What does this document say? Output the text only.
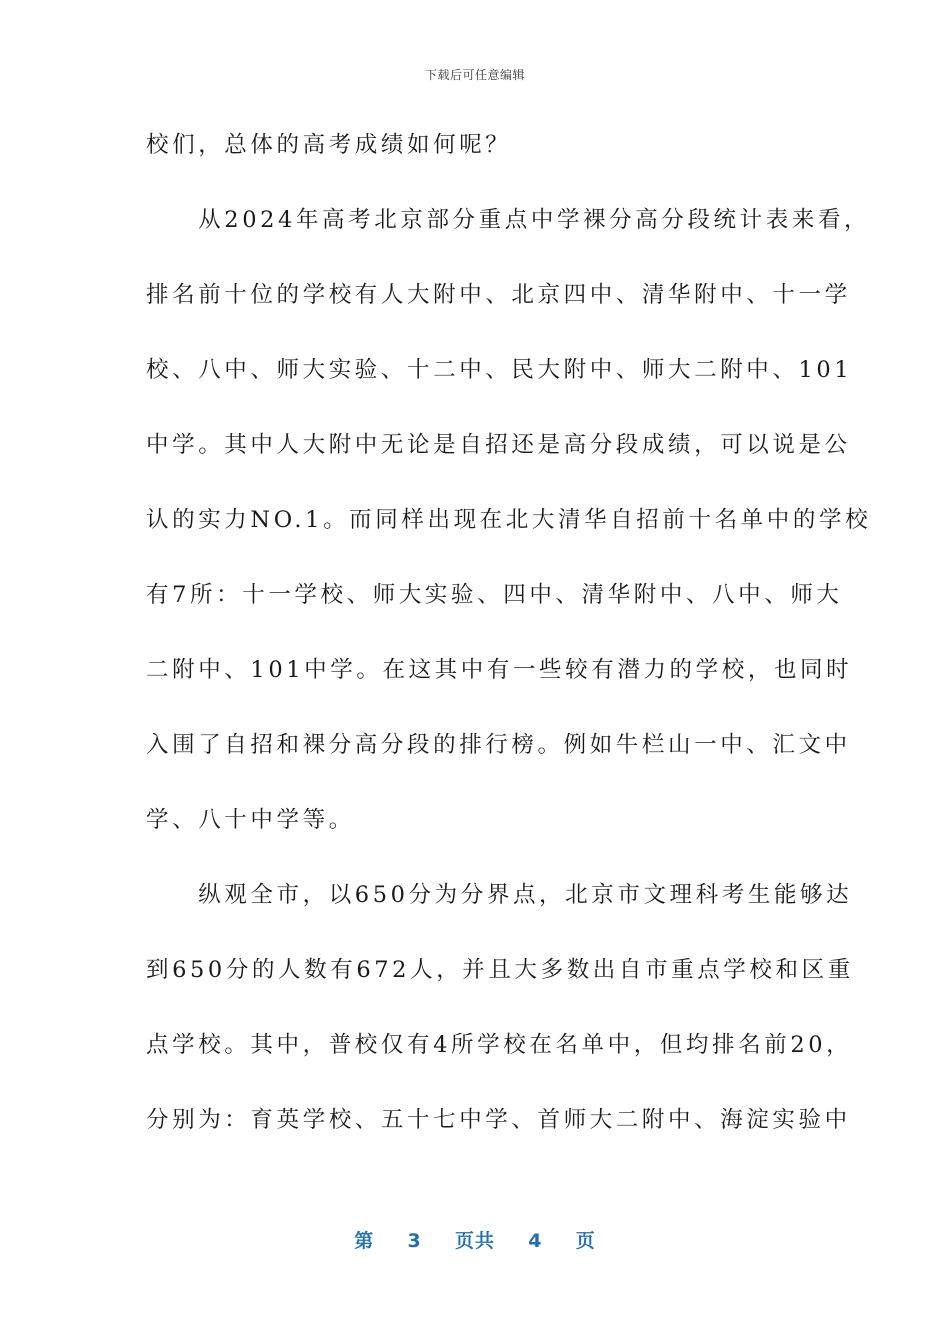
下载后可任意编辑
校们，总体的高考成绩如何呢？
　　从2024年高考北京部分重点中学裸分高分段统计表来看，
排名前十位的学校有人大附中、北京四中、清华附中、十一学
校、八中、师大实验、十二中、民大附中、师大二附中、101
中学。其中人大附中无论是自招还是高分段成绩，可以说是公
认的实力NO.1。而同样出现在北大清华自招前十名单中的学校
有7所：十一学校、师大实验、四中、清华附中、八中、师大
二附中、101中学。在这其中有一些较有潜力的学校，也同时
入围了自招和裸分高分段的排行榜。例如牛栏山一中、汇文中
学、八十中学等。
　　纵观全市，以650分为分界点，北京市文理科考生能够达
到650分的人数有672人，并且大多数出自市重点学校和区重
点学校。其中，普校仅有4所学校在名单中，但均排名前20，
分别为：育英学校、五十七中学、首师大二附中、海淀实验中
第 3 页共 4 页
